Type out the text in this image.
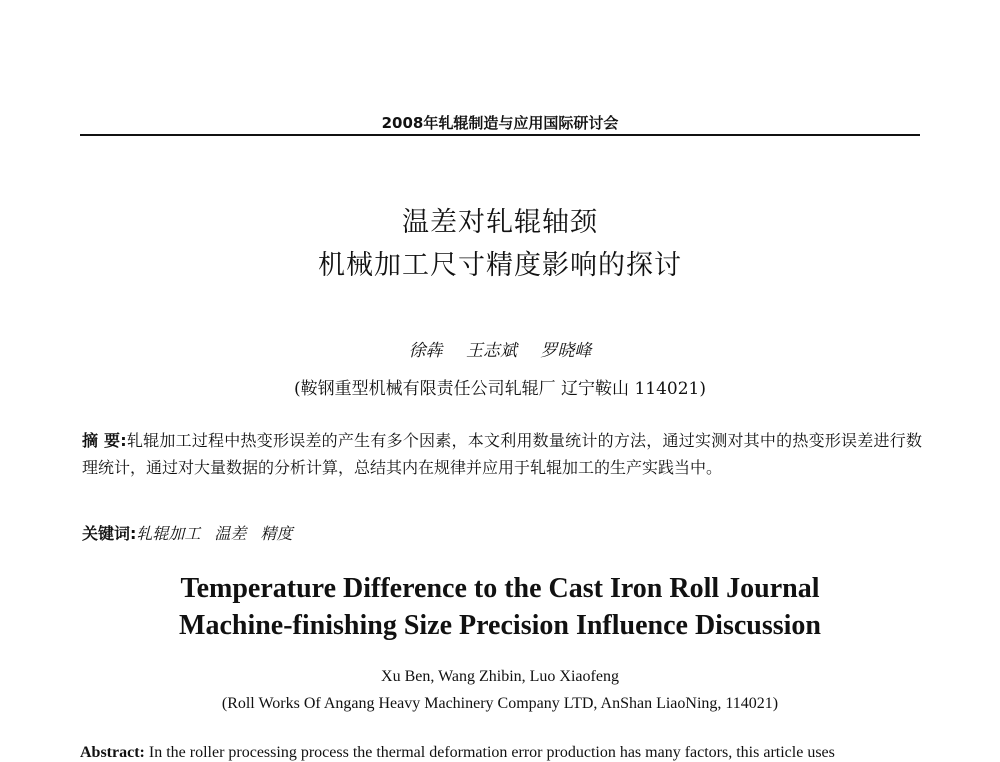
2008年轧辊制造与应用国际研讨会
温差对轧辊轴颈
机械加工尺寸精度影响的探讨
徐犇 王志斌 罗晓峰
(鞍钢重型机械有限责任公司轧辊厂 辽宁鞍山 114021)
摘 要:轧辊加工过程中热变形误差的产生有多个因素，本文利用数量统计的方法，通过实测对其中的热变形误差进行数理统计，通过对大量数据的分析计算，总结其内在规律并应用于轧辊加工的生产实践当中。
关键词:轧辊加工 温差 精度
Temperature Difference to the Cast Iron Roll Journal
Machine-finishing Size Precision Influence Discussion
Xu Ben, Wang Zhibin, Luo Xiaofeng
(Roll Works Of Angang Heavy Machinery Company LTD, AnShan LiaoNing, 114021)
Abstract: In the roller processing process the thermal deformation error production has many factors, this article uses
